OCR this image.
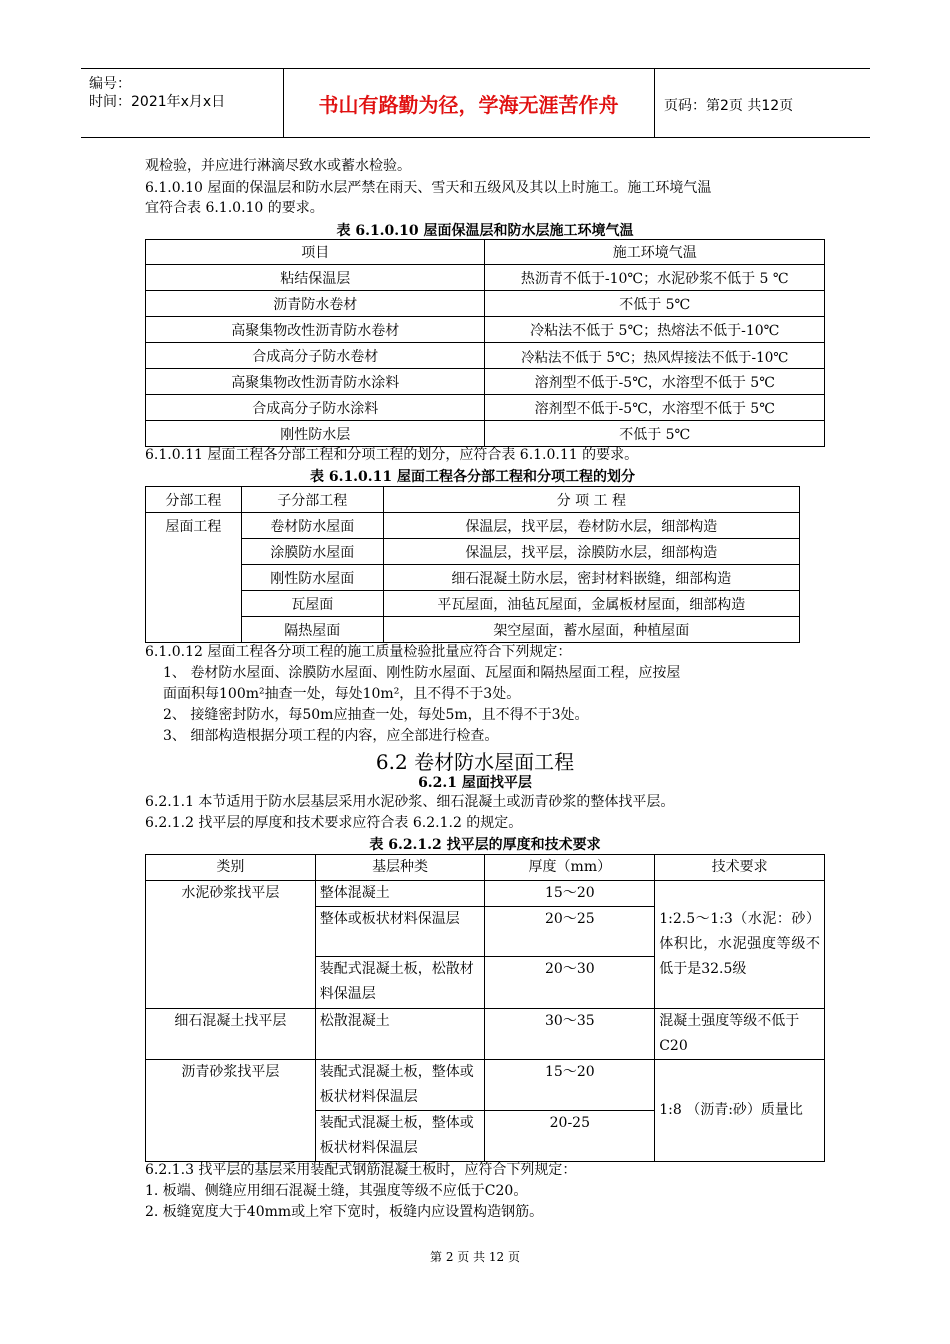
编号：
时间：2021年x月x日	书山有路勤为径，学海无涯苦作舟	页码：第2页 共12页
观检验，并应进行淋滴尽致水或蓄水检验。
6.1.0.10 屋面的保温层和防水层严禁在雨天、雪天和五级风及其以上时施工。施工环境气温
宜符合表 6.1.0.10 的要求。
表 6.1.0.10 屋面保温层和防水层施工环境气温
项目	施工环境气温
粘结保温层	热沥青不低于-10℃；水泥砂浆不低于 5 ℃
沥青防水卷材	不低于 5℃
高聚集物改性沥青防水卷材	冷粘法不低于 5℃；热熔法不低于-10℃
合成高分子防水卷材	冷粘法不低于 5℃；热风焊接法不低于-10℃
高聚集物改性沥青防水涂料	溶剂型不低于-5℃，水溶型不低于 5℃
合成高分子防水涂料	溶剂型不低于-5℃，水溶型不低于 5℃
刚性防水层	不低于 5℃
6.1.0.11 屋面工程各分部工程和分项工程的划分，应符合表 6.1.0.11 的要求。
表 6.1.0.11 屋面工程各分部工程和分项工程的划分
分部工程	子分部工程	分 项 工 程
屋面工程	卷材防水屋面	保温层，找平层，卷材防水层，细部构造
	涂膜防水屋面	保温层，找平层，涂膜防水层，细部构造
	刚性防水屋面	细石混凝土防水层，密封材料嵌缝，细部构造
	瓦屋面	平瓦屋面，油毡瓦屋面，金属板材屋面，细部构造
	隔热屋面	架空屋面，蓄水屋面，种植屋面
6.1.0.12 屋面工程各分项工程的施工质量检验批量应符合下列规定：
1、 卷材防水屋面、涂膜防水屋面、刚性防水屋面、瓦屋面和隔热屋面工程，应按屋
面面积每100m²抽查一处，每处10m²，且不得不于3处。
2、 接缝密封防水，每50m应抽查一处，每处5m，且不得不于3处。
3、 细部构造根据分项工程的内容，应全部进行检查。
6.2 卷材防水屋面工程
6.2.1 屋面找平层
6.2.1.1 本节适用于防水层基层采用水泥砂浆、细石混凝土或沥青砂浆的整体找平层。
6.2.1.2 找平层的厚度和技术要求应符合表 6.2.1.2 的规定。
表 6.2.1.2 找平层的厚度和技术要求
类别	基层种类	厚度（mm）	技术要求
水泥砂浆找平层	整体混凝土	15～20	1:2.5～1:3（水泥：砂）体积比，水泥强度等级不低于是32.5级
	整体或板状材料保温层	20～25	
	装配式混凝土板，松散材料保温层	20～30	
细石混凝土找平层	松散混凝土	30～35	混凝土强度等级不低于C20
沥青砂浆找平层	装配式混凝土板，整体或板状材料保温层	15～20	1:8 （沥青:砂）质量比
	装配式混凝土板，整体或板状材料保温层	20-25	
6.2.1.3 找平层的基层采用装配式钢筋混凝土板时，应符合下列规定：
1. 板端、侧缝应用细石混凝土缝，其强度等级不应低于C20。
2. 板缝宽度大于40mm或上窄下宽时，板缝内应设置构造钢筋。
第 2 页 共 12 页
